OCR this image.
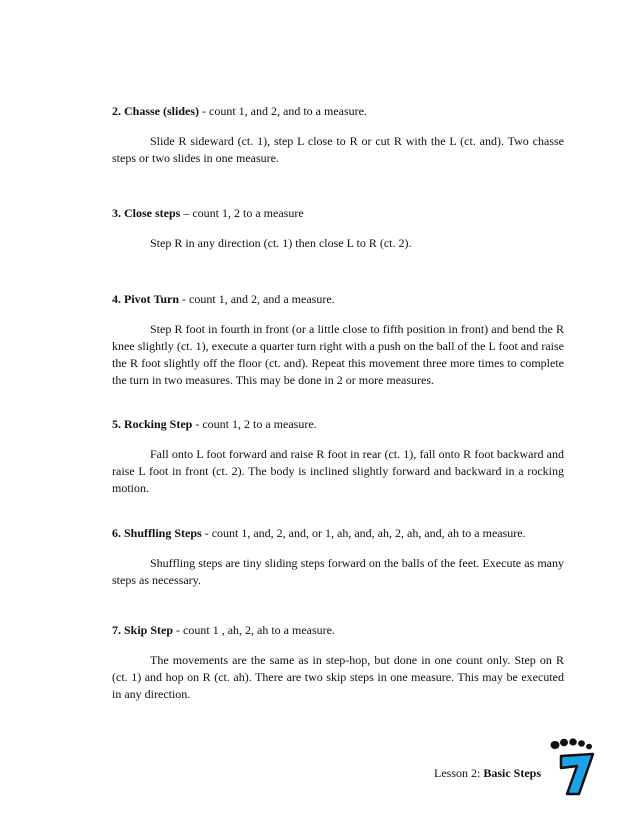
2. Chasse (slides) - count 1, and 2, and to a measure.

Slide R sideward (ct. 1), step L close to R or cut R with the L (ct. and). Two chasse steps or two slides in one measure.

3. Close steps – count 1, 2 to a measure

Step R in any direction (ct. 1) then close L to R (ct. 2).

4. Pivot Turn - count 1, and 2, and a measure.

Step R foot in fourth in front (or a little close to fifth position in front) and bend the R knee slightly (ct. 1), execute a quarter turn right with a push on the ball of the L foot and raise the R foot slightly off the floor (ct. and). Repeat this movement three more times to complete the turn in two measures. This may be done in 2 or more measures.

5. Rocking Step - count 1, 2 to a measure.

Fall onto L foot forward and raise R foot in rear (ct. 1), fall onto R foot backward and raise L foot in front (ct. 2). The body is inclined slightly forward and backward in a rocking motion.

6. Shuffling Steps - count 1, and, 2, and, or 1, ah, and, ah, 2, ah, and, ah to a measure.

Shuffling steps are tiny sliding steps forward on the balls of the feet. Execute as many steps as necessary.

7. Skip Step - count 1 , ah, 2, ah to a measure.

The movements are the same as in step-hop, but done in one count only. Step on R (ct. 1) and hop on R (ct. ah). There are two skip steps in one measure. This may be executed in any direction.

Lesson 2: Basic Steps
